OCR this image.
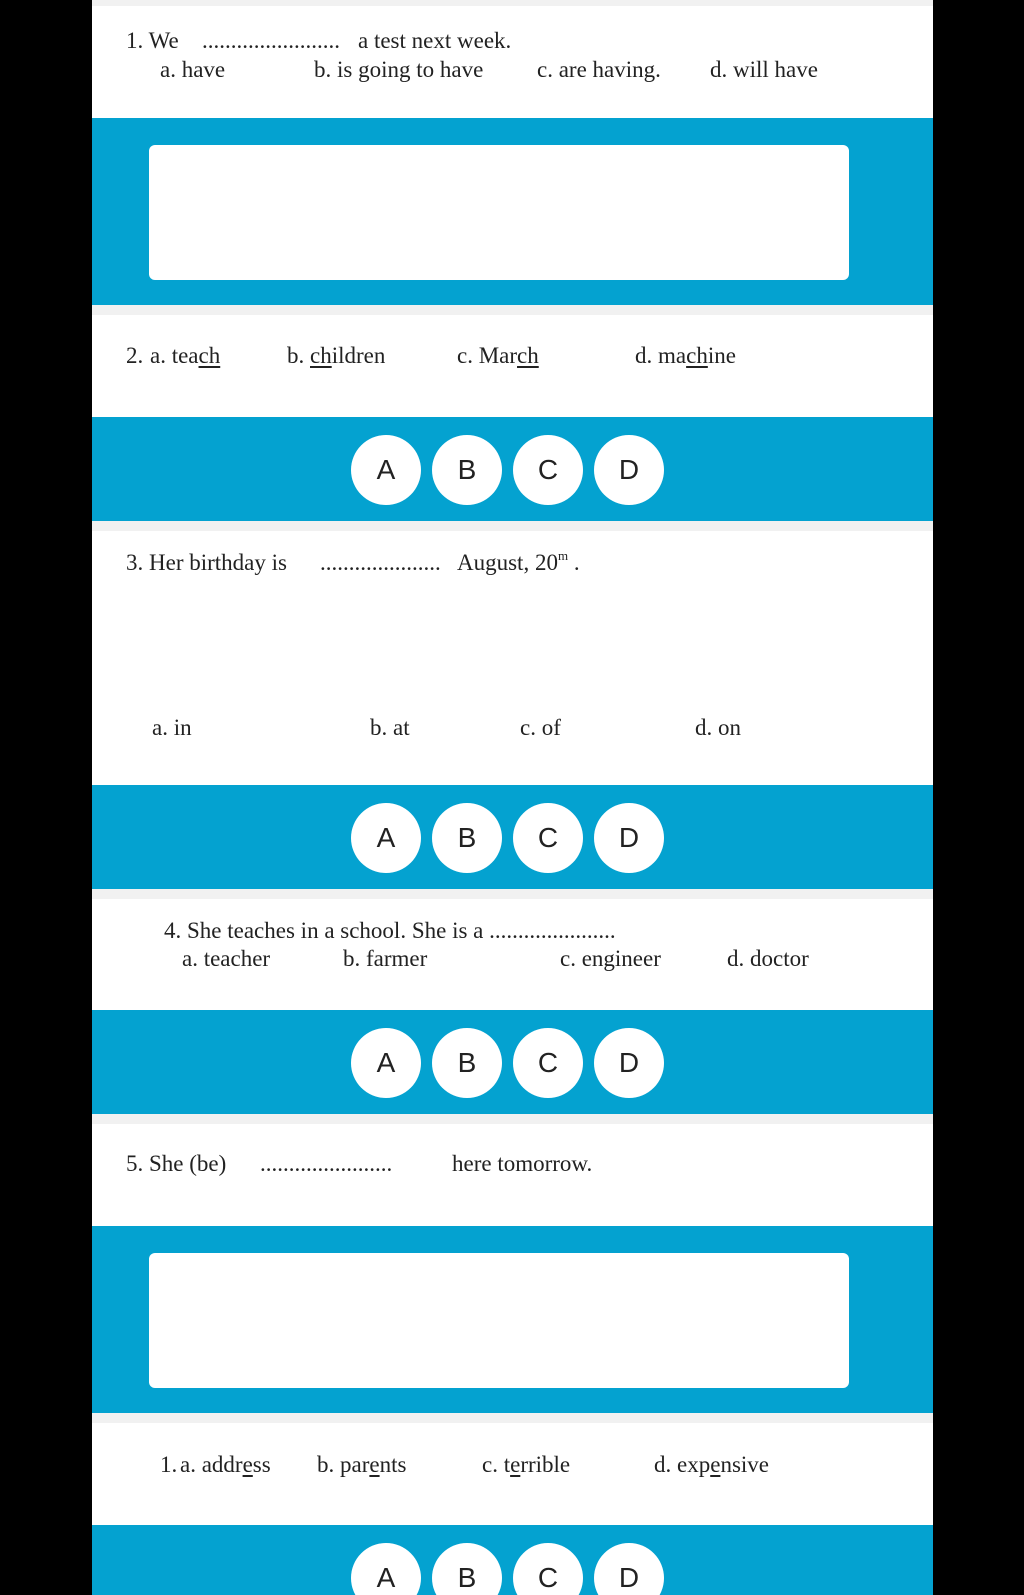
1. We ........................ a test next week.
a. have	b. is going to have c. are having. d. will have
2. a. teach	b. children	c. March	d. machine
A	B	C	D
3. Her birthday is ..................... August, 20$^m$ .
a. in	b. at	c. of	d. on
A	B	C	D
4. She teaches in a school. She is a ......................
a. teacher	b. farmer	c. engineer	d. doctor
A	B	C	D
5. She (be) .......................	here tomorrow.
1. a. address b. parents	c. terrible	d. expensive
A	B	C	D
